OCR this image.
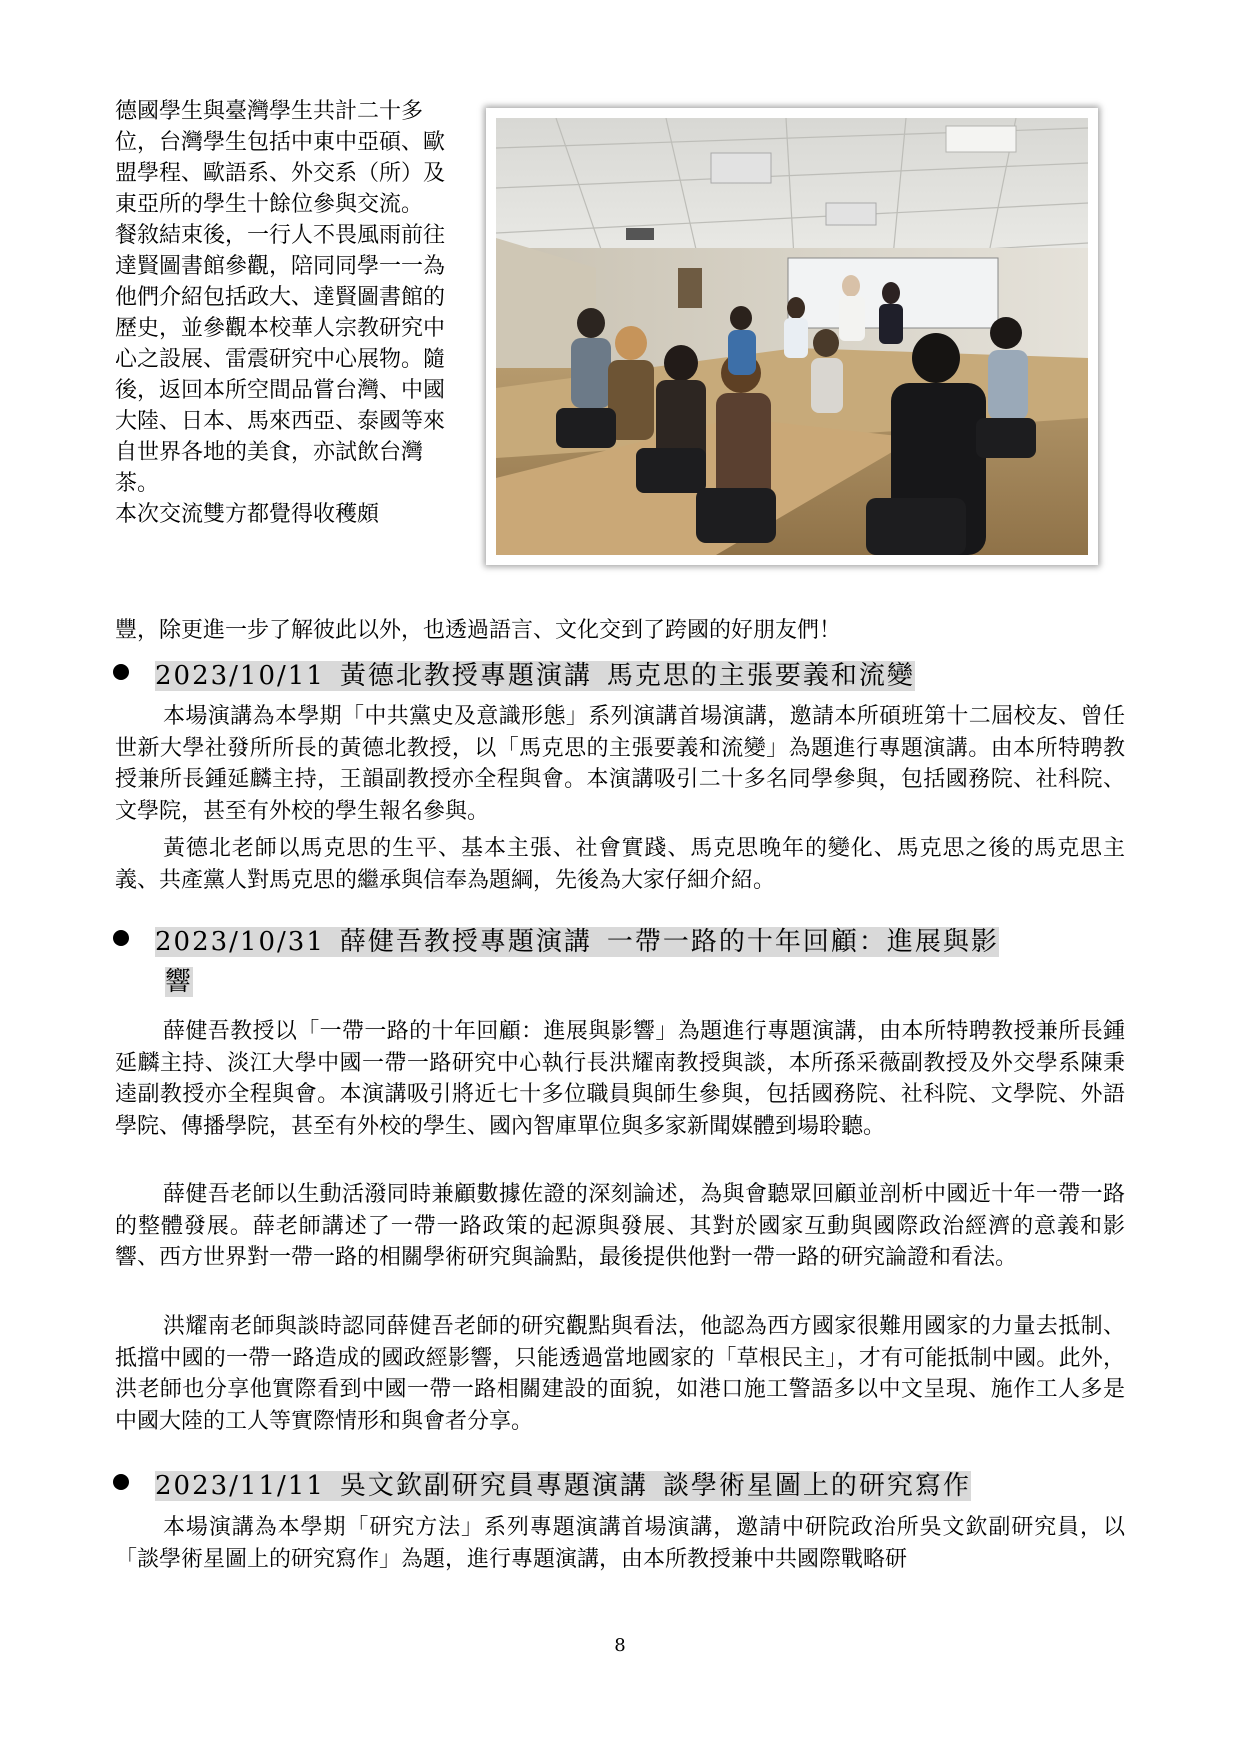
德國學生與臺灣學生共計二十多位，台灣學生包括中東中亞碩、歐盟學程、歐語系、外交系（所）及東亞所的學生十餘位參與交流。

餐敘結束後，一行人不畏風雨前往達賢圖書館參觀，陪同同學一一為他們介紹包括政大、達賢圖書館的歷史，並參觀本校華人宗教研究中心之設展、雷震研究中心展物。隨後，返回本所空間品嘗台灣、中國大陸、日本、馬來西亞、泰國等來自世界各地的美食，亦試飲台灣茶。

本次交流雙方都覺得收穫頗

豐，除更進一步了解彼此以外，也透過語言、文化交到了跨國的好朋友們！

2023/10/11  黃德北教授專題演講  馬克思的主張要義和流變

本場演講為本學期「中共黨史及意識形態」系列演講首場演講，邀請本所碩班第十二屆校友、曾任世新大學社發所所長的黃德北教授，以「馬克思的主張要義和流變」為題進行專題演講。由本所特聘教授兼所長鍾延麟主持，王韻副教授亦全程與會。本演講吸引二十多名同學參與，包括國務院、社科院、文學院，甚至有外校的學生報名參與。

黃德北老師以馬克思的生平、基本主張、社會實踐、馬克思晚年的變化、馬克思之後的馬克思主義、共產黨人對馬克思的繼承與信奉為題綱，先後為大家仔細介紹。

2023/10/31  薛健吾教授專題演講  一帶一路的十年回顧：進展與影
響

薛健吾教授以「一帶一路的十年回顧：進展與影響」為題進行專題演講，由本所特聘教授兼所長鍾延麟主持、淡江大學中國一帶一路研究中心執行長洪耀南教授與談，本所孫采薇副教授及外交學系陳秉逵副教授亦全程與會。本演講吸引將近七十多位職員與師生參與，包括國務院、社科院、文學院、外語學院、傳播學院，甚至有外校的學生、國內智庫單位與多家新聞媒體到場聆聽。

薛健吾老師以生動活潑同時兼顧數據佐證的深刻論述，為與會聽眾回顧並剖析中國近十年一帶一路的整體發展。薛老師講述了一帶一路政策的起源與發展、其對於國家互動與國際政治經濟的意義和影響、西方世界對一帶一路的相關學術研究與論點，最後提供他對一帶一路的研究論證和看法。

洪耀南老師與談時認同薛健吾老師的研究觀點與看法，他認為西方國家很難用國家的力量去抵制、抵擋中國的一帶一路造成的國政經影響，只能透過當地國家的「草根民主」，才有可能抵制中國。此外，洪老師也分享他實際看到中國一帶一路相關建設的面貌，如港口施工警語多以中文呈現、施作工人多是中國大陸的工人等實際情形和與會者分享。

2023/11/11  吳文欽副研究員專題演講  談學術星圖上的研究寫作

本場演講為本學期「研究方法」系列專題演講首場演講，邀請中研院政治所吳文欽副研究員，以「談學術星圖上的研究寫作」為題，進行專題演講，由本所教授兼中共國際戰略研

8
